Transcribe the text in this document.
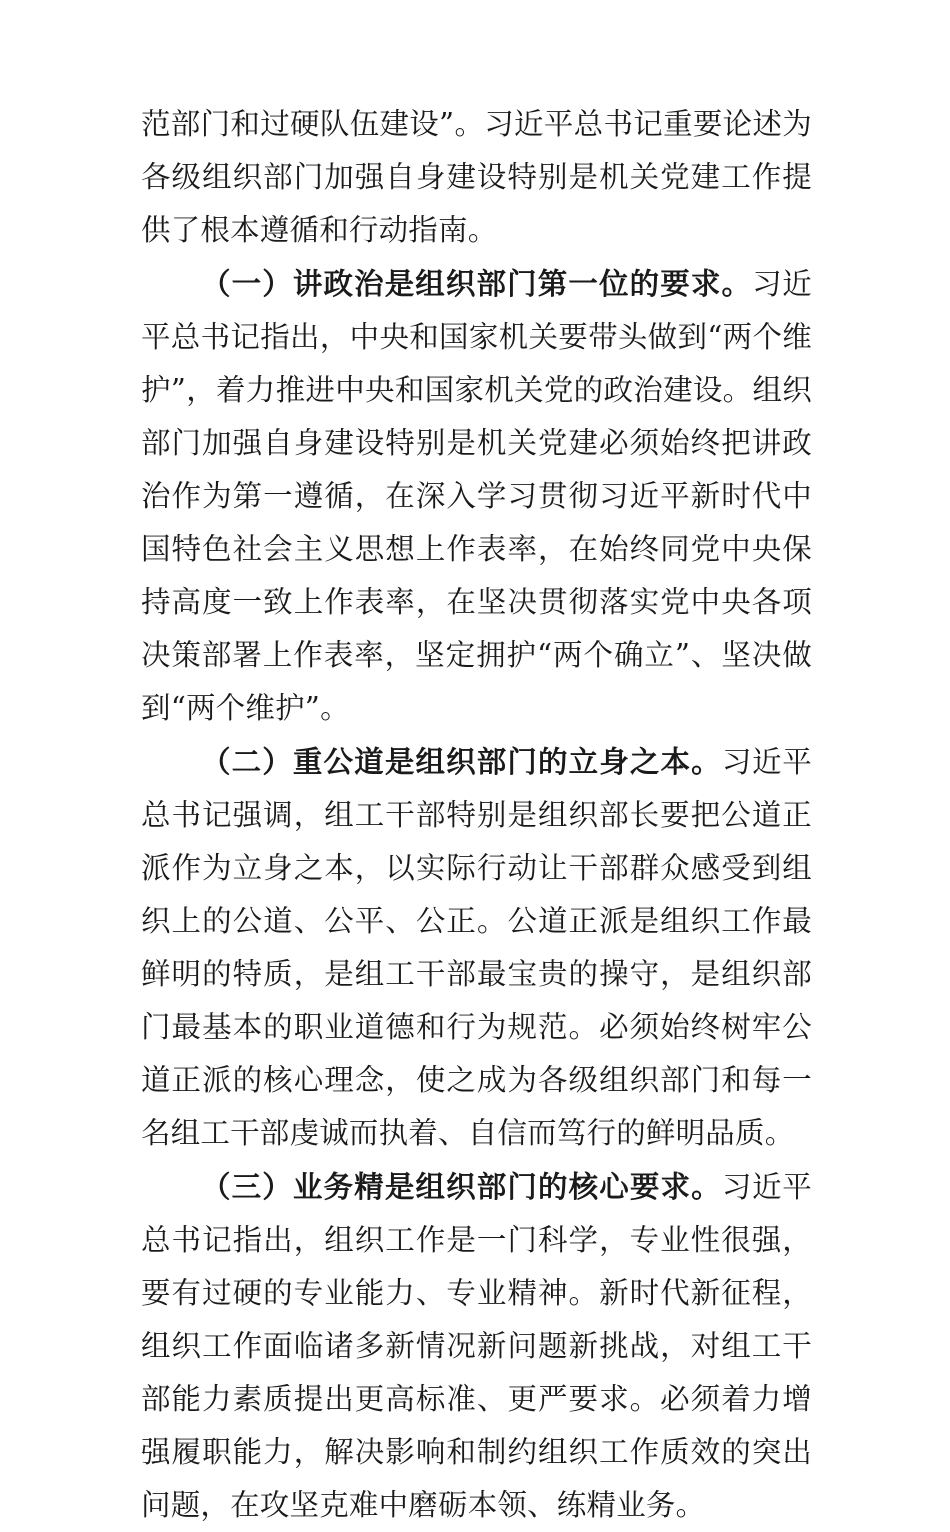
范部门和过硬队伍建设”。习近平总书记重要论述为各级组织部门加强自身建设特别是机关党建工作提供了根本遵循和行动指南。

（一）讲政治是组织部门第一位的要求。习近平总书记指出，中央和国家机关要带头做到“两个维护”，着力推进中央和国家机关党的政治建设。组织部门加强自身建设特别是机关党建必须始终把讲政治作为第一遵循，在深入学习贯彻习近平新时代中国特色社会主义思想上作表率，在始终同党中央保持高度一致上作表率，在坚决贯彻落实党中央各项决策部署上作表率，坚定拥护“两个确立”、坚决做到“两个维护”。

（二）重公道是组织部门的立身之本。习近平总书记强调，组工干部特别是组织部长要把公道正派作为立身之本，以实际行动让干部群众感受到组织上的公道、公平、公正。公道正派是组织工作最鲜明的特质，是组工干部最宝贵的操守，是组织部门最基本的职业道德和行为规范。必须始终树牢公道正派的核心理念，使之成为各级组织部门和每一名组工干部虔诚而执着、自信而笃行的鲜明品质。

（三）业务精是组织部门的核心要求。习近平总书记指出，组织工作是一门科学，专业性很强，要有过硬的专业能力、专业精神。新时代新征程，组织工作面临诸多新情况新问题新挑战，对组工干部能力素质提出更高标准、更严要求。必须着力增强履职能力，解决影响和制约组织工作质效的突出问题，在攻坚克难中磨砺本领、练精业务。
